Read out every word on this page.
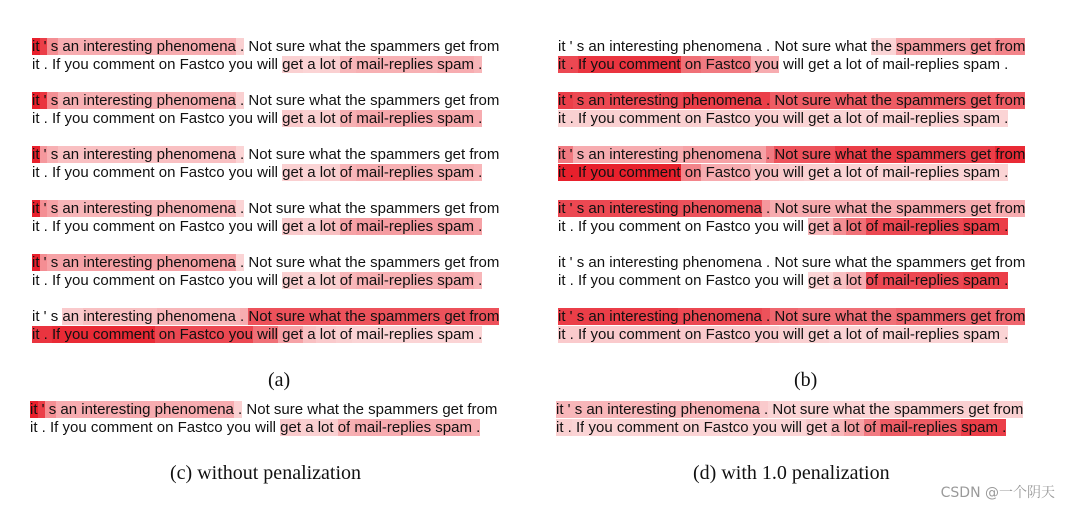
it ' s an interesting phenomena . Not sure what the spammers get from
it . If you comment on Fastco you will get a lot of mail-replies spam .
it ' s an interesting phenomena . Not sure what the spammers get from
it . If you comment on Fastco you will get a lot of mail-replies spam .
it ' s an interesting phenomena . Not sure what the spammers get from
it . If you comment on Fastco you will get a lot of mail-replies spam .
it ' s an interesting phenomena . Not sure what the spammers get from
it . If you comment on Fastco you will get a lot of mail-replies spam .
it ' s an interesting phenomena . Not sure what the spammers get from
it . If you comment on Fastco you will get a lot of mail-replies spam .
it ' s an interesting phenomena . Not sure what the spammers get from
it . If you comment on Fastco you will get a lot of mail-replies spam .
it ' s an interesting phenomena . Not sure what the spammers get from
it . If you comment on Fastco you will get a lot of mail-replies spam .
it ' s an interesting phenomena . Not sure what the spammers get from
it . If you comment on Fastco you will get a lot of mail-replies spam .
it ' s an interesting phenomena . Not sure what the spammers get from
it . If you comment on Fastco you will get a lot of mail-replies spam .
it ' s an interesting phenomena . Not sure what the spammers get from
it . If you comment on Fastco you will get a lot of mail-replies spam .
it ' s an interesting phenomena . Not sure what the spammers get from
it . If you comment on Fastco you will get a lot of mail-replies spam .
it ' s an interesting phenomena . Not sure what the spammers get from
it . If you comment on Fastco you will get a lot of mail-replies spam .
it ' s an interesting phenomena . Not sure what the spammers get from
it . If you comment on Fastco you will get a lot of mail-replies spam .
it ' s an interesting phenomena . Not sure what the spammers get from
it . If you comment on Fastco you will get a lot of mail-replies spam .
(a)	(b)
(c) without penalization	(d) with 1.0 penalization
CSDN @一个阴天
